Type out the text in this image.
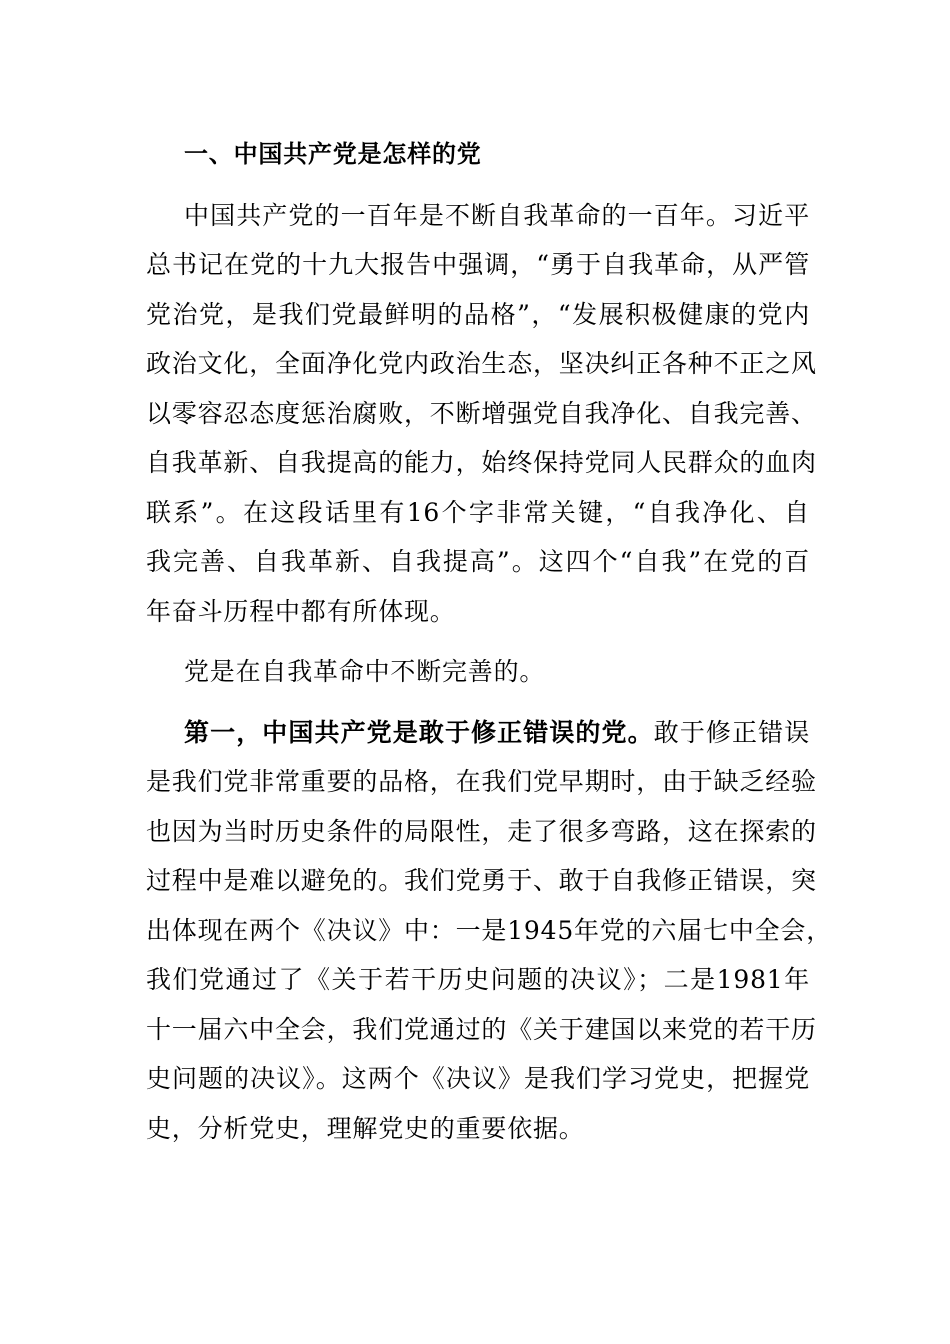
一、中国共产党是怎样的党
中国共产党的一百年是不断自我革命的一百年。习近平
总书记在党的十九大报告中强调，“勇于自我革命，从严管
党治党，是我们党最鲜明的品格”，“发展积极健康的党内
政治文化，全面净化党内政治生态，坚决纠正各种不正之风
以零容忍态度惩治腐败，不断增强党自我净化、自我完善、
自我革新、自我提高的能力，始终保持党同人民群众的血肉
联系”。在这段话里有16个字非常关键，“自我净化、自
我完善、自我革新、自我提高”。这四个“自我”在党的百
年奋斗历程中都有所体现。
党是在自我革命中不断完善的。
第一，中国共产党是敢于修正错误的党。敢于修正错误
是我们党非常重要的品格，在我们党早期时，由于缺乏经验
也因为当时历史条件的局限性，走了很多弯路，这在探索的
过程中是难以避免的。我们党勇于、敢于自我修正错误，突
出体现在两个《决议》中：一是1945年党的六届七中全会，
我们党通过了《关于若干历史问题的决议》；二是1981年
十一届六中全会，我们党通过的《关于建国以来党的若干历
史问题的决议》。这两个《决议》是我们学习党史，把握党
史，分析党史，理解党史的重要依据。
